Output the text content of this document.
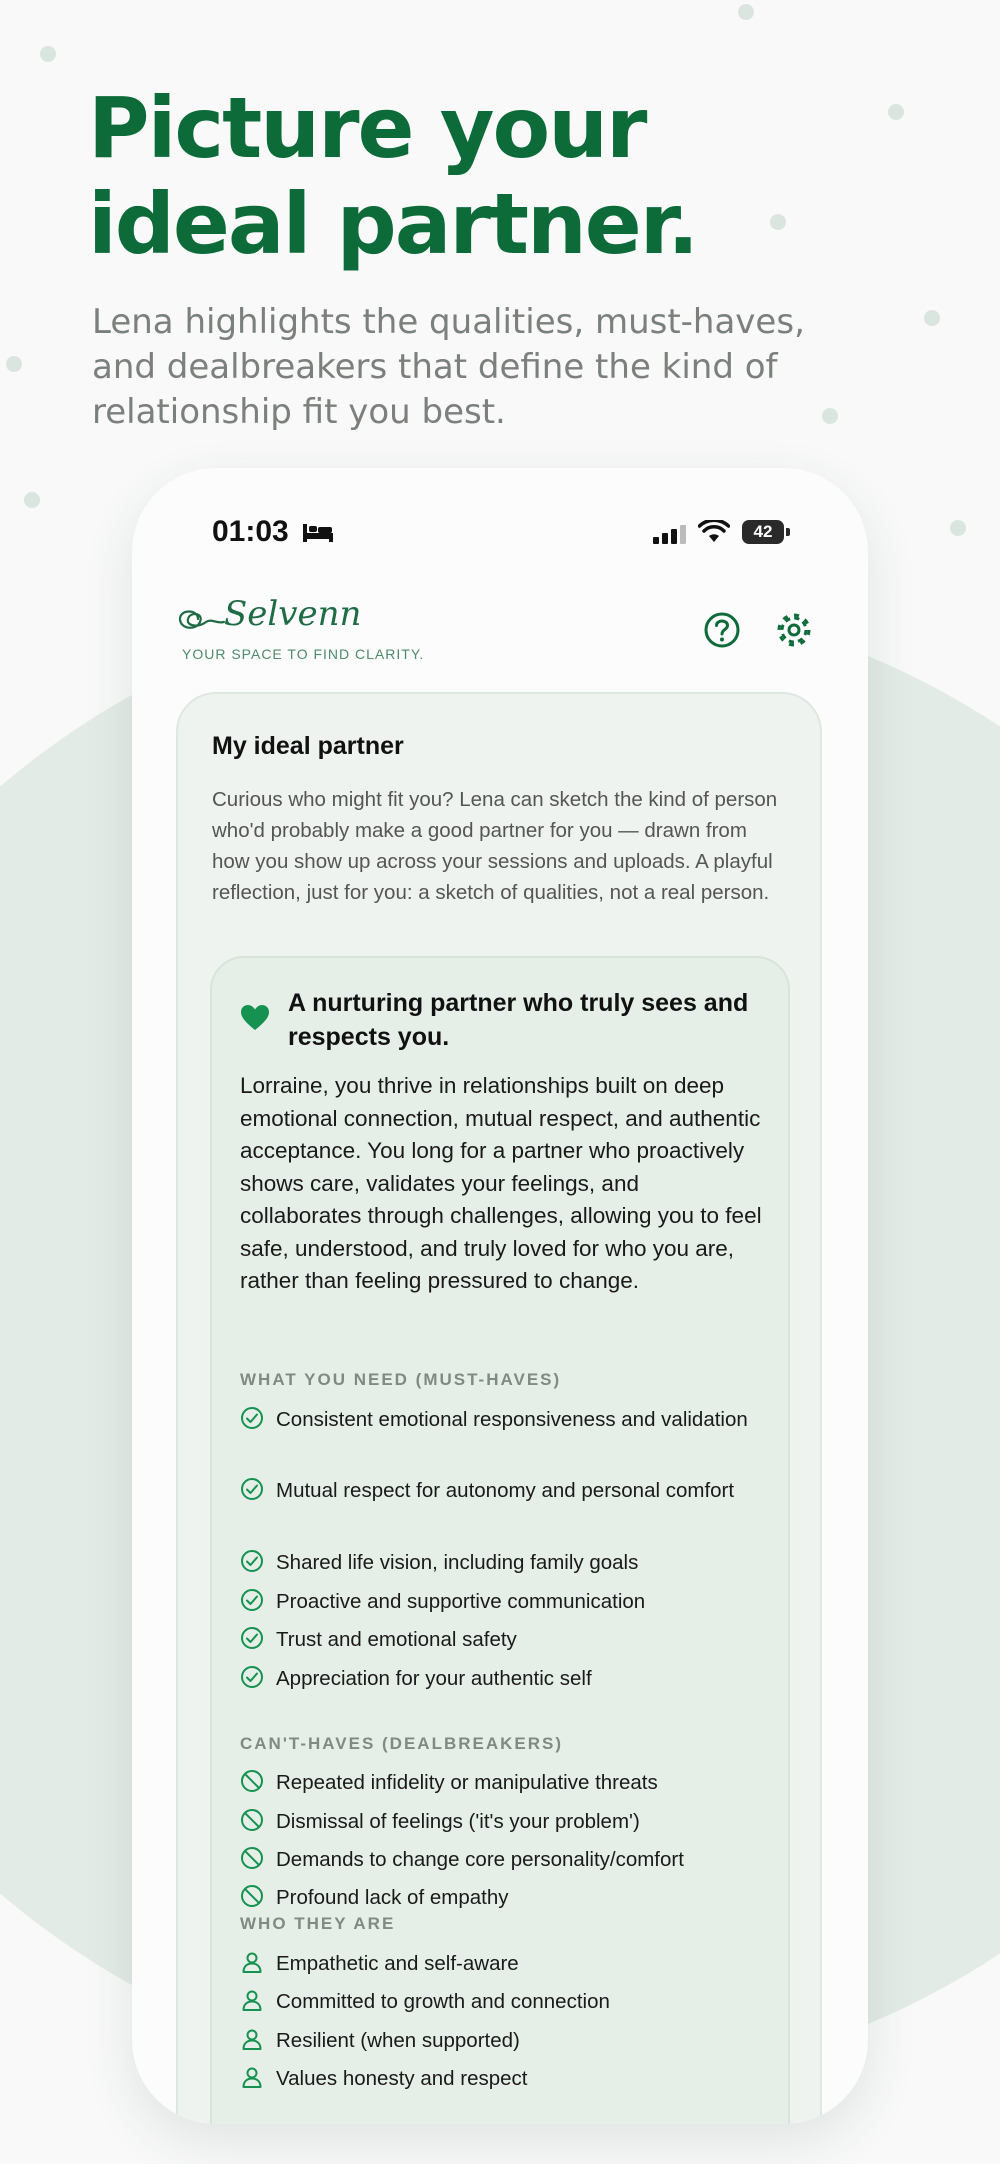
Picture your
ideal partner.

Lena highlights the qualities, must-haves, and dealbreakers that define the kind of relationship fit you best.

01:03	42
Selvenn
YOUR SPACE TO FIND CLARITY.
My ideal partner

Curious who might fit you? Lena can sketch the kind of person who'd probably make a good partner for you — drawn from how you show up across your sessions and uploads. A playful reflection, just for you: a sketch of qualities, not a real person.

A nurturing partner who truly sees and respects you.

Lorraine, you thrive in relationships built on deep emotional connection, mutual respect, and authentic acceptance. You long for a partner who proactively shows care, validates your feelings, and collaborates through challenges, allowing you to feel safe, understood, and truly loved for who you are, rather than feeling pressured to change.

WHAT YOU NEED (MUST-HAVES)
Consistent emotional responsiveness and validation
Mutual respect for autonomy and personal comfort
Shared life vision, including family goals
Proactive and supportive communication
Trust and emotional safety
Appreciation for your authentic self
CAN'T-HAVES (DEALBREAKERS)
Repeated infidelity or manipulative threats
Dismissal of feelings ('it's your problem')
Demands to change core personality/comfort
Profound lack of empathy
WHO THEY ARE
Empathetic and self-aware
Committed to growth and connection
Resilient (when supported)
Values honesty and respect
